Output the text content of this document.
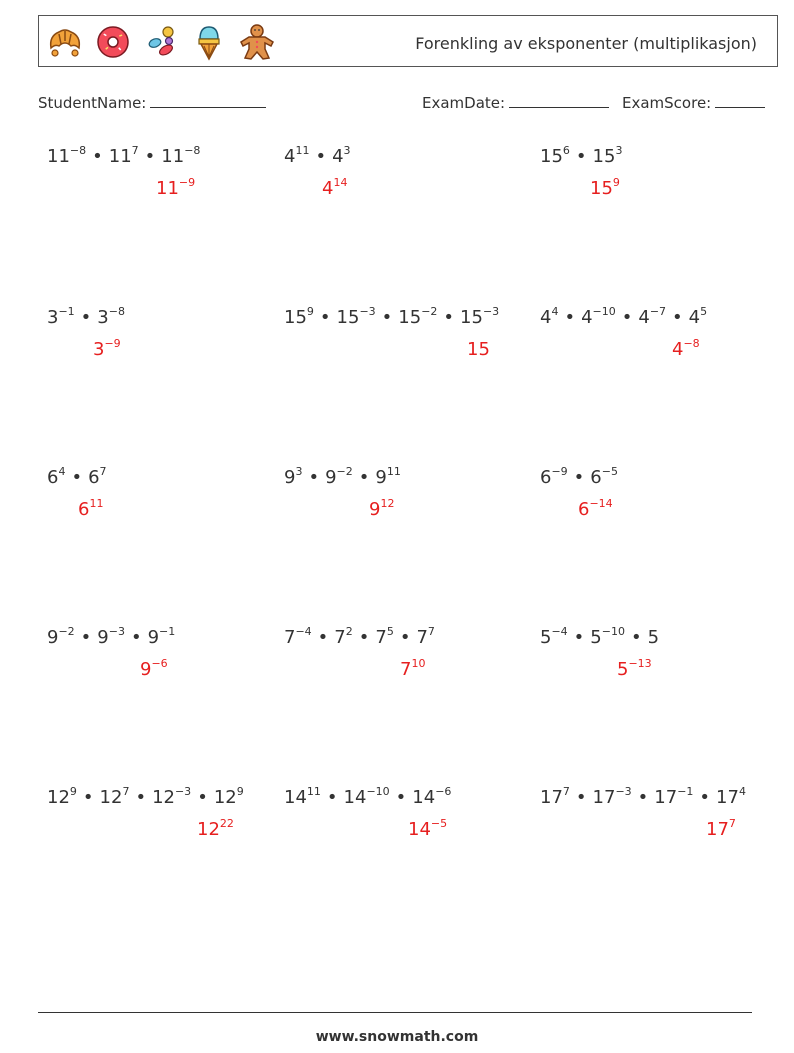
Forenkling av eksponenter (multiplikasjon)
StudentName:	ExamDate:	ExamScore:
$11^{-8}$ • $11^7$ • $11^{-8}$
$11^{-9}$
$4^{11}$ • $4^3$
$4^{14}$
$15^6$ • $15^3$
$15^9$
$3^{-1}$ • $3^{-8}$
$3^{-9}$
$15^9$ • $15^{-3}$ • $15^{-2}$ • $15^{-3}$
15
$4^4$ • $4^{-10}$ • $4^{-7}$ • $4^5$
$4^{-8}$
$6^4$ • $6^7$
$6^{11}$
$9^3$ • $9^{-2}$ • $9^{11}$
$9^{12}$
$6^{-9}$ • $6^{-5}$
$6^{-14}$
$9^{-2}$ • $9^{-3}$ • $9^{-1}$
$9^{-6}$
$7^{-4}$ • $7^2$ • $7^5$ • $7^7$
$7^{10}$
$5^{-4}$ • $5^{-10}$ • 5
$5^{-13}$
$12^9$ • $12^7$ • $12^{-3}$ • $12^9$
$12^{22}$
$14^{11}$ • $14^{-10}$ • $14^{-6}$
$14^{-5}$
$17^7$ • $17^{-3}$ • $17^{-1}$ • $17^4$
$17^7$
www.snowmath.com
